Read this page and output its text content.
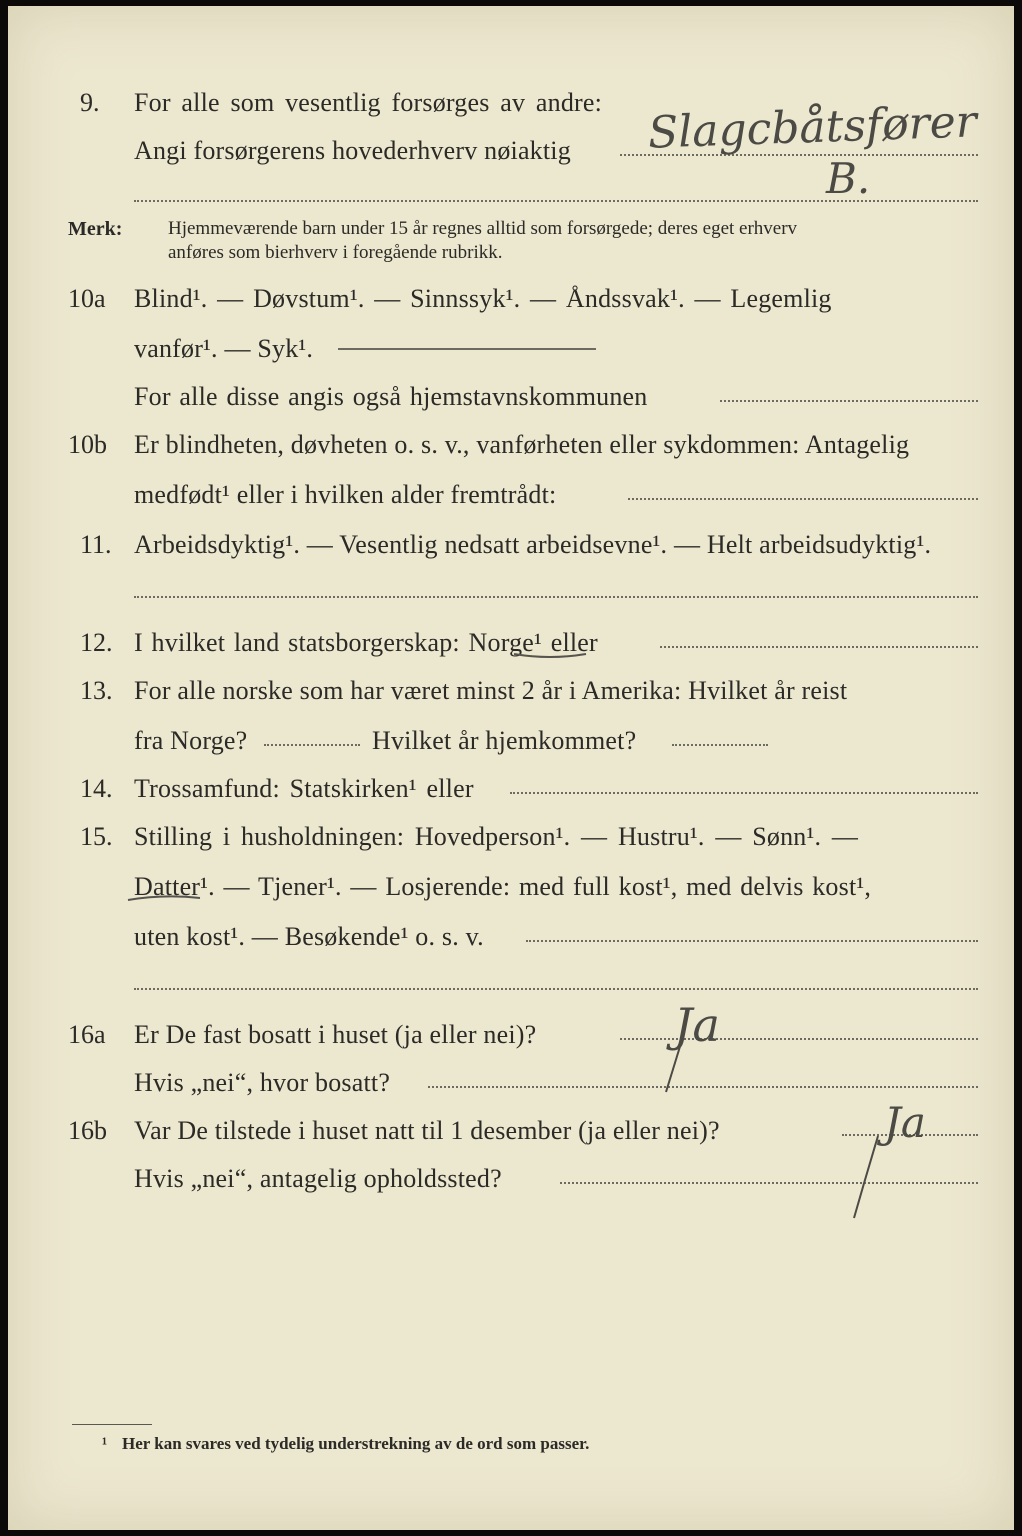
9. For alle som vesentlig forsørges av andre:
Angi forsørgerens hovederhverv nøiaktig Slagcbåtsfører
B.
Merk: Hjemmeværende barn under 15 år regnes alltid som forsørgede; deres eget erhverv
anføres som bierhverv i foregående rubrikk.
10a Blind¹. — Døvstum¹. — Sinnssyk¹. — Åndssvak¹. — Legemlig
vanfør¹. — Syk¹.
For alle disse angis også hjemstavnskommunen
10b Er blindheten, døvheten o. s. v., vanførheten eller sykdommen: Antagelig
medfødt¹ eller i hvilken alder fremtrådt:
11. Arbeidsdyktig¹. — Vesentlig nedsatt arbeidsevne¹. — Helt arbeidsudyktig¹.
12. I hvilket land statsborgerskap: Norge¹ eller
13. For alle norske som har været minst 2 år i Amerika: Hvilket år reist
fra Norge?	Hvilket år hjemkommet?
14. Trossamfund: Statskirken¹ eller
15. Stilling i husholdningen: Hovedperson¹. — Hustru¹. — Sønn¹. —
Datter¹. — Tjener¹. — Losjerende: med full kost¹, med delvis kost¹,
uten kost¹. — Besøkende¹ o. s. v.
16a Er De fast bosatt i huset (ja eller nei)?	Ja
Hvis „nei“, hvor bosatt?
16b Var De tilstede i huset natt til 1 desember (ja eller nei)?	Ja
Hvis „nei“, antagelig opholdssted?
¹ Her kan svares ved tydelig understrekning av de ord som passer.
